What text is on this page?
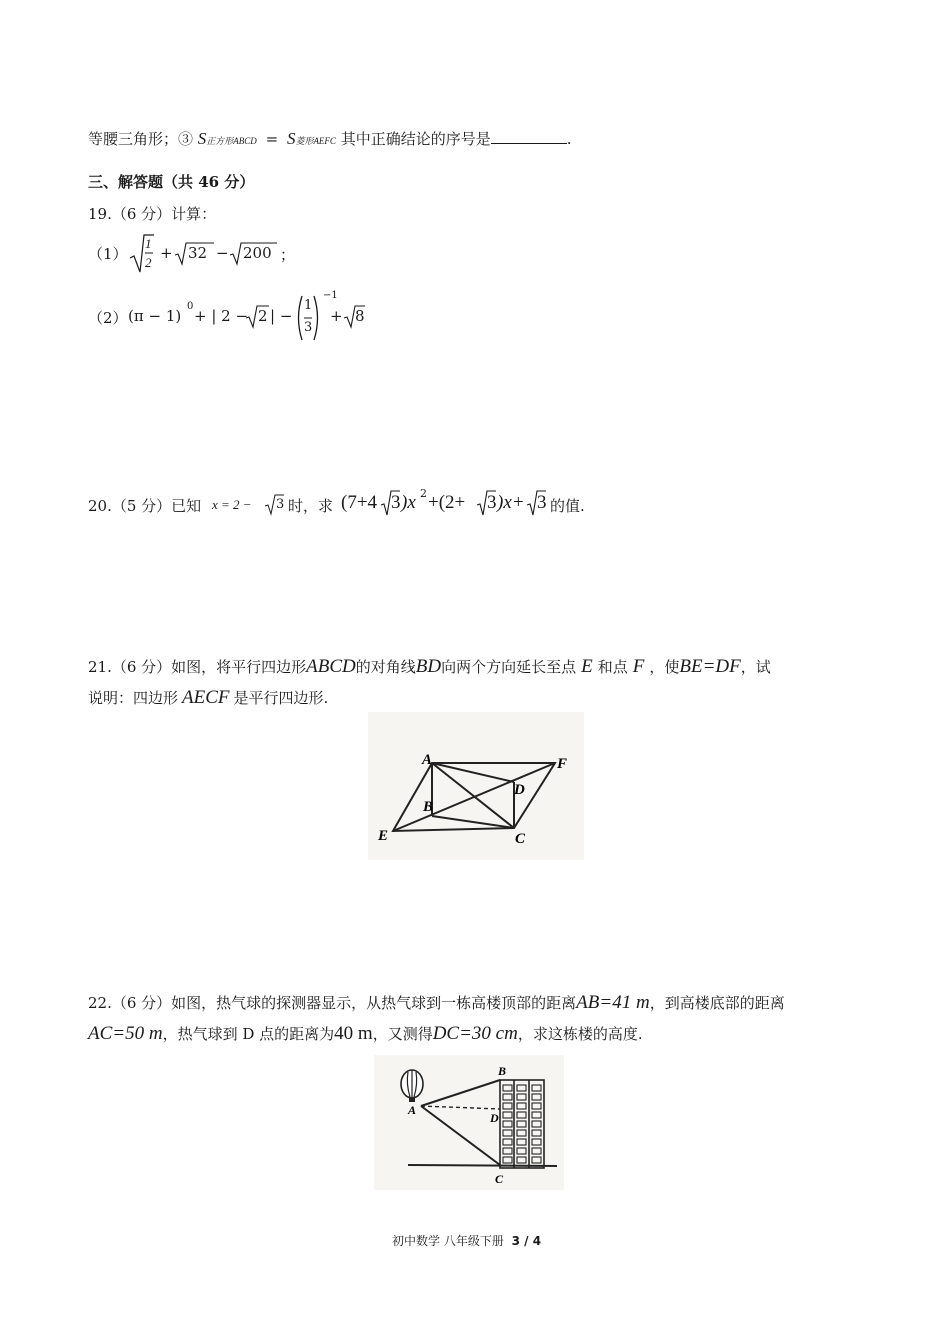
等腰三角形；③ S正方形ABCD = S菱形AEFC 其中正确结论的序号是	.
三、解答题（共 46 分）
19.（6 分）计算：
（1）
1
2
+ 32 − 200 ；
（2） (π − 1)
0
+ | 2 − 2 | −
1
3
−1
+ 8
20.（5 分）已知 x = 2 − 3 时，求 (7+4 3 )x 2 +(2+ 3 )x+ 3 的值.
21.（6 分）如图，将平行四边形ABCD的对角线BD向两个方向延长至点 E 和点 F ，使BE=DF，试
说明：四边形 AECF 是平行四边形.
A	F
B
D
E	C
22.（6 分）如图，热气球的探测器显示，从热气球到一栋高楼顶部的距离AB=41 m，到高楼底部的距离
AC=50 m，热气球到 D 点的距离为40 m，又测得DC=30 cm，求这栋楼的高度.
B
A
D
C
初中数学 八年级下册 3 / 4
